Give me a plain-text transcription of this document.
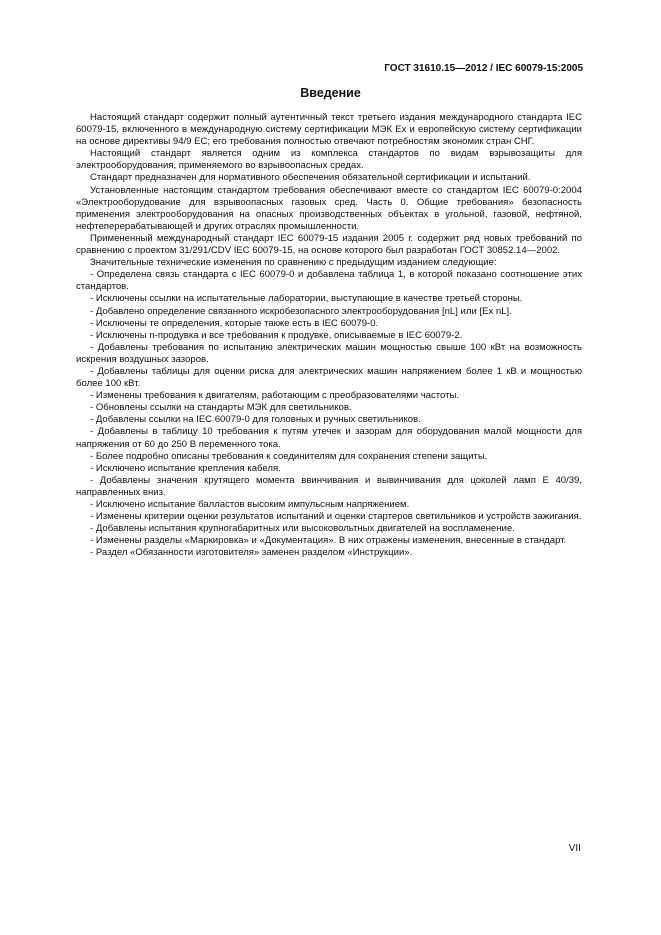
ГОСТ 31610.15—2012 / IEC 60079-15:2005
Введение

Настоящий стандарт содержит полный аутентичный текст третьего издания международного стандарта IEC 60079-15, включенного в международную систему сертификации МЭК Ех и европейскую систему сертификации на основе директивы 94/9 ЕС; его требования полностью отвечают потребностям экономик стран СНГ.

Настоящий стандарт является одним из комплекса стандартов по видам взрывозащиты для электрооборудования, применяемого во взрывоопасных средах.

Стандарт предназначен для нормативного обеспечения обязательной сертификации и испытаний.

Установленные настоящим стандартом требования обеспечивают вместе со стандартом IEC 60079-0:2004 «Электрооборудование для взрывоопасных газовых сред. Часть 0. Общие требования» безопасность применения электрооборудования на опасных производственных объектах в угольной, газовой, нефтяной, нефтеперерабатывающей и других отраслях промышленности.

Примененный международный стандарт IEC 60079-15 издания 2005 г. содержит ряд новых требований по сравнению с проектом 31/291/CDV IEC 60079-15, на основе которого был разработан ГОСТ 30852.14—2002.

Значительные технические изменения по сравнению с предыдущим изданием следующие:

- Определена связь стандарта с IEC 60079-0 и добавлена таблица 1, в которой показано соотношение этих стандартов.

- Исключены ссылки на испытательные лаборатории, выступающие в качестве третьей стороны.

- Добавлено определение связанного искробезопасного электрооборудования [nL] или [Ex nL].

- Исключены те определения, которые также есть в IEC 60079-0.

- Исключены n-продувка и все требования к продувке, описываемые в IEC 60079-2.

- Добавлены требования по испытанию электрических машин мощностью свыше 100 кВт на возможность искрения воздушных зазоров.

- Добавлены таблицы для оценки риска для электрических машин напряжением более 1 кВ и мощностью более 100 кВт.

- Изменены требования к двигателям, работающим с преобразователями частоты.

- Обновлены ссылки на стандарты МЭК для светильников.

- Добавлены ссылки на IEC 60079-0 для головных и ручных светильников.

- Добавлены в таблицу 10 требования к путям утечек и зазорам для оборудования малой мощности для напряжения от 60 до 250 В переменного тока.

- Более подробно описаны требования к соединителям для сохранения степени защиты.

- Исключено испытание крепления кабеля.

- Добавлены значения крутящего момента ввинчивания и вывинчивания для цоколей ламп Е 40/39, направленных вниз.

- Исключено испытание балластов высоким импульсным напряжением.

- Изменены критерии оценки результатов испытаний и оценки стартеров светильников и устройств зажигания.

- Добавлены испытания крупногабаритных или высоковольтных двигателей на воспламенение.

- Изменены разделы «Маркировка» и «Документация». В них отражены изменения, внесенные в стандарт.

- Раздел «Обязанности изготовителя» заменен разделом «Инструкции».

VII
